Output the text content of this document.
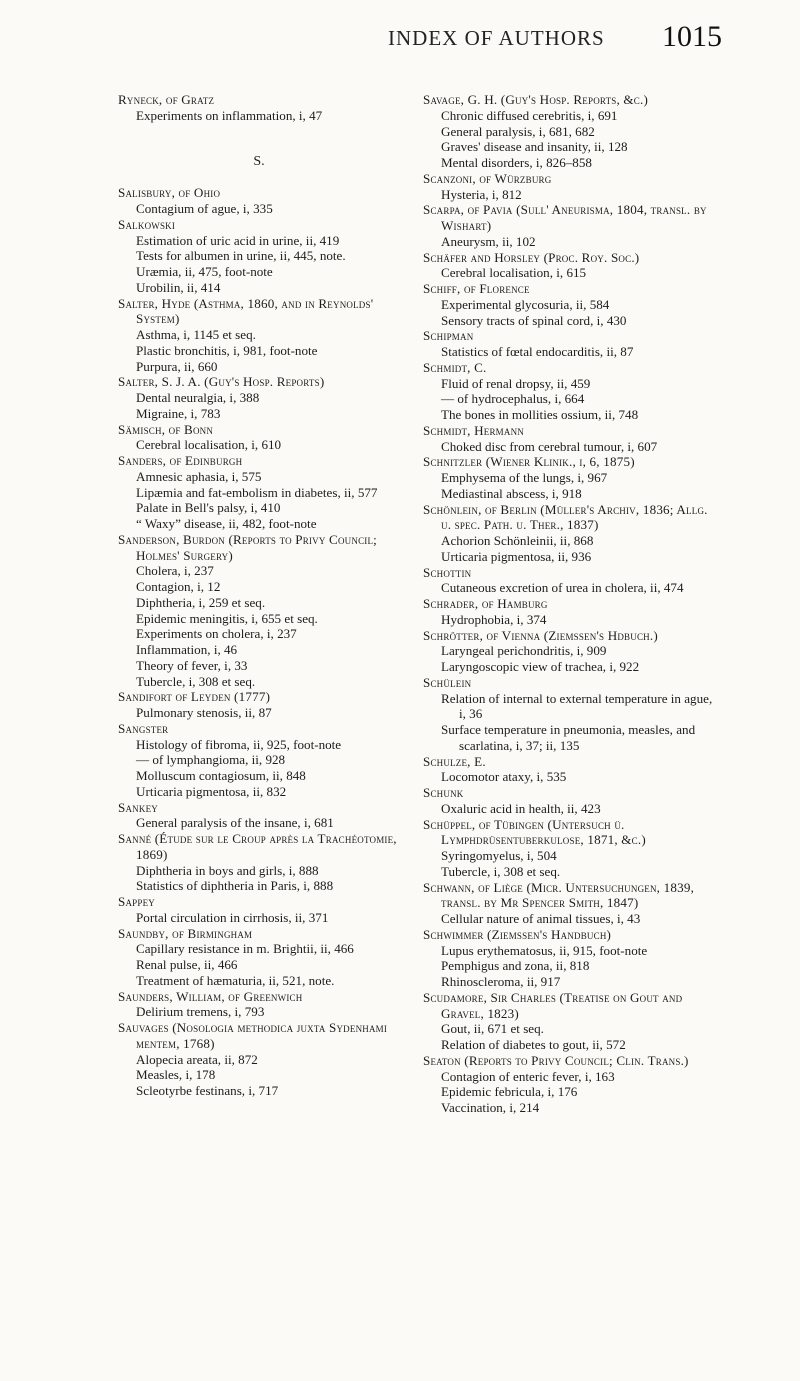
INDEX OF AUTHORS 1015
Ryneck, of Gratz
Experiments on inflammation, i, 47
S.
Salisbury, of Ohio
Contagium of ague, i, 335
Salkowski
Estimation of uric acid in urine, ii, 419
Tests for albumen in urine, ii, 445, note.
Uræmia, ii, 475, foot-note
Urobilin, ii, 414
Salter, Hyde (Asthma, 1860, and in Reynolds' System)
Asthma, i, 1145 et seq.
Plastic bronchitis, i, 981, foot-note
Purpura, ii, 660
Salter, S. J. A. (Guy's Hosp. Reports)
Dental neuralgia, i, 388
Migraine, i, 783
Sämisch, of Bonn
Cerebral localisation, i, 610
Sanders, of Edinburgh
Amnesic aphasia, i, 575
Lipæmia and fat-embolism in diabetes, ii, 577
Palate in Bell's palsy, i, 410
“ Waxy” disease, ii, 482, foot-note
Sanderson, Burdon (Reports to Privy Council; Holmes' Surgery)
Cholera, i, 237
Contagion, i, 12
Diphtheria, i, 259 et seq.
Epidemic meningitis, i, 655 et seq.
Experiments on cholera, i, 237
Inflammation, i, 46
Theory of fever, i, 33
Tubercle, i, 308 et seq.
Sandifort of Leyden (1777)
Pulmonary stenosis, ii, 87
Sangster
Histology of fibroma, ii, 925, foot-note
— of lymphangioma, ii, 928
Molluscum contagiosum, ii, 848
Urticaria pigmentosa, ii, 832
Sankey
General paralysis of the insane, i, 681
Sanné (Étude sur le Croup après la Trachéotomie, 1869)
Diphtheria in boys and girls, i, 888
Statistics of diphtheria in Paris, i, 888
Sappey
Portal circulation in cirrhosis, ii, 371
Saundby, of Birmingham
Capillary resistance in m. Brightii, ii, 466
Renal pulse, ii, 466
Treatment of hæmaturia, ii, 521, note.
Saunders, William, of Greenwich
Delirium tremens, i, 793
Sauvages (Nosologia methodica juxta Sydenhami mentem, 1768)
Alopecia areata, ii, 872
Measles, i, 178
Scleotyrbe festinans, i, 717
Savage, G. H. (Guy's Hosp. Reports, &c.)
Chronic diffused cerebritis, i, 691
General paralysis, i, 681, 682
Graves' disease and insanity, ii, 128
Mental disorders, i, 826–858
Scanzoni, of Würzburg
Hysteria, i, 812
Scarpa, of Pavia (Sull' Aneurisma, 1804, transl. by Wishart)
Aneurysm, ii, 102
Schäfer and Horsley (Proc. Roy. Soc.)
Cerebral localisation, i, 615
Schiff, of Florence
Experimental glycosuria, ii, 584
Sensory tracts of spinal cord, i, 430
Schipman
Statistics of fœtal endocarditis, ii, 87
Schmidt, C.
Fluid of renal dropsy, ii, 459
— of hydrocephalus, i, 664
The bones in mollities ossium, ii, 748
Schmidt, Hermann
Choked disc from cerebral tumour, i, 607
Schnitzler (Wiener Klinik., i, 6, 1875)
Emphysema of the lungs, i, 967
Mediastinal abscess, i, 918
Schönlein, of Berlin (Müller's Archiv, 1836; Allg. u. spec. Path. u. Ther., 1837)
Achorion Schönleinii, ii, 868
Urticaria pigmentosa, ii, 936
Schottin
Cutaneous excretion of urea in cholera, ii, 474
Schrader, of Hamburg
Hydrophobia, i, 374
Schrötter, of Vienna (Ziemssen's Hdbuch.)
Laryngeal perichondritis, i, 909
Laryngoscopic view of trachea, i, 922
Schülein
Relation of internal to external temperature in ague, i, 36
Surface temperature in pneumonia, measles, and scarlatina, i, 37; ii, 135
Schulze, E.
Locomotor ataxy, i, 535
Schunk
Oxaluric acid in health, ii, 423
Schüppel, of Tübingen (Untersuch ü. Lymphdrüsentuberkulose, 1871, &c.)
Syringomyelus, i, 504
Tubercle, i, 308 et seq.
Schwann, of Liège (Micr. Untersuchungen, 1839, transl. by Mr Spencer Smith, 1847)
Cellular nature of animal tissues, i, 43
Schwimmer (Ziemssen's Handbuch)
Lupus erythematosus, ii, 915, foot-note
Pemphigus and zona, ii, 818
Rhinoscleroma, ii, 917
Scudamore, Sir Charles (Treatise on Gout and Gravel, 1823)
Gout, ii, 671 et seq.
Relation of diabetes to gout, ii, 572
Seaton (Reports to Privy Council; Clin. Trans.)
Contagion of enteric fever, i, 163
Epidemic febricula, i, 176
Vaccination, i, 214
